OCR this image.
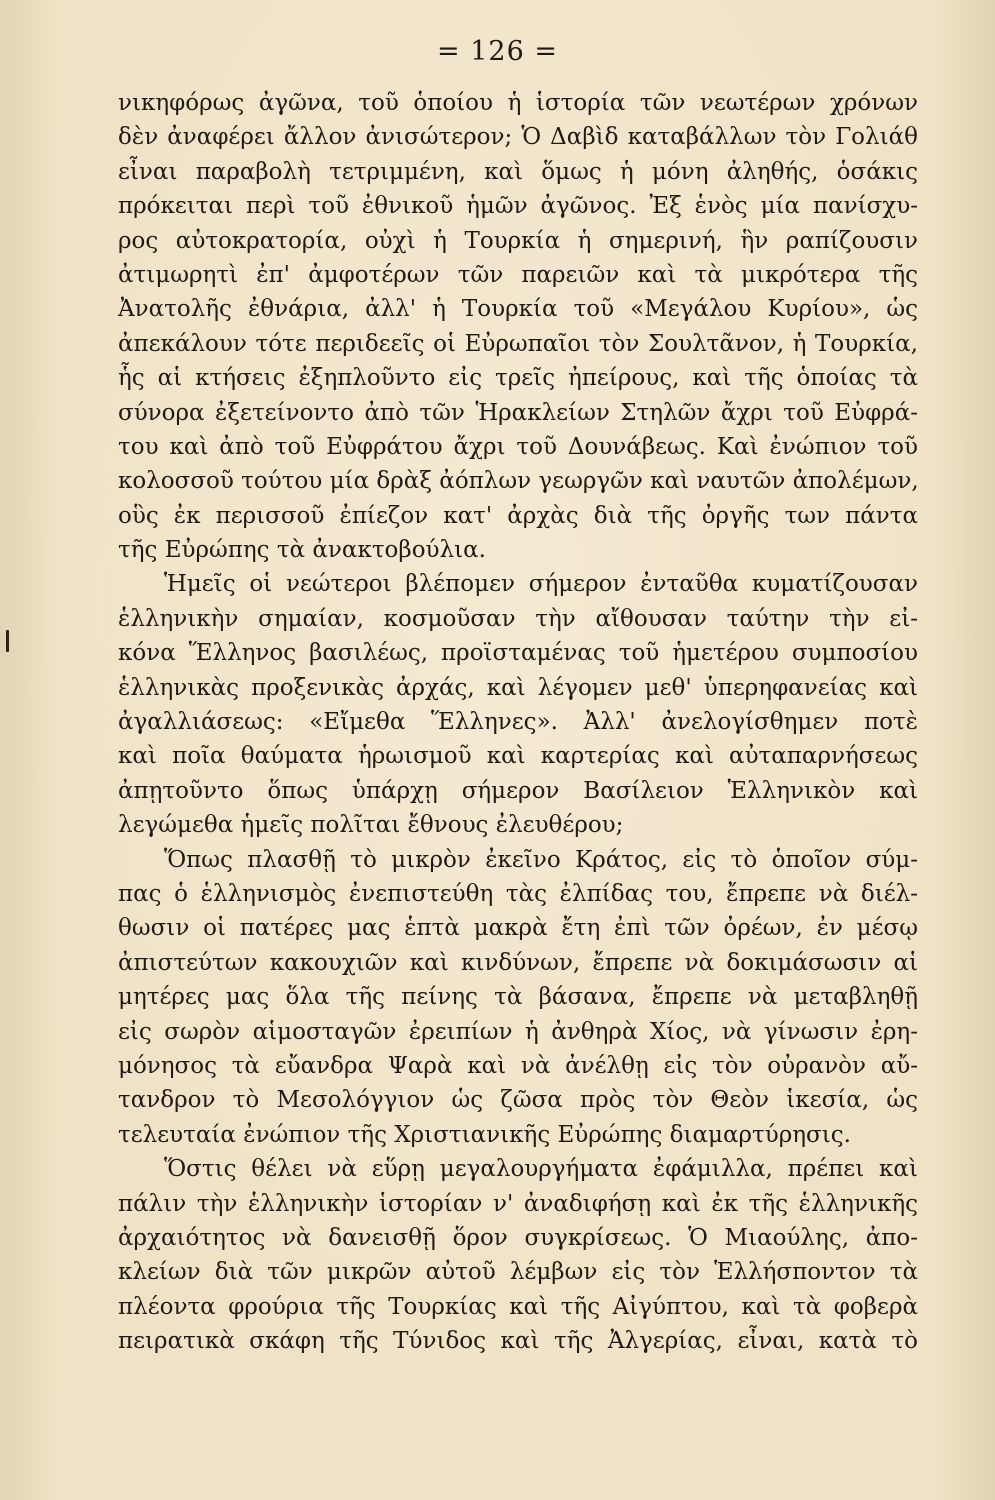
= 126 =
νικηφόρως ἀγῶνα, τοῦ ὁποίου ἡ ἱστορία τῶν νεωτέρων χρόνων
δὲν ἀναφέρει ἄλλον ἀνισώτερον; Ὁ Δαβὶδ καταβάλλων τὸν Γολιάθ
εἶναι παραβολὴ τετριμμένη, καὶ ὅμως ἡ μόνη ἀληθής, ὁσάκις
πρόκειται περὶ τοῦ ἐθνικοῦ ἡμῶν ἀγῶνος. Ἐξ ἑνὸς μία πανίσχυ-
ρος αὐτοκρατορία, οὐχὶ ἡ Τουρκία ἡ σημερινή, ἣν ραπίζουσιν
ἀτιμωρητὶ ἐπ' ἀμφοτέρων τῶν παρειῶν καὶ τὰ μικρότερα τῆς
Ἀνατολῆς ἐθνάρια, ἀλλ' ἡ Τουρκία τοῦ «Μεγάλου Κυρίου», ὡς
ἀπεκάλουν τότε περιδεεῖς οἱ Εὐρωπαῖοι τὸν Σουλτᾶνον, ἡ Τουρκία,
ἧς αἱ κτήσεις ἐξηπλοῦντο εἰς τρεῖς ἠπείρους, καὶ τῆς ὁποίας τὰ
σύνορα ἐξετείνοντο ἀπὸ τῶν Ἡρακλείων Στηλῶν ἄχρι τοῦ Εὐφρά-
του καὶ ἀπὸ τοῦ Εὐφράτου ἄχρι τοῦ Δουνάβεως. Καὶ ἐνώπιον τοῦ
κολοσσοῦ τούτου μία δρὰξ ἀόπλων γεωργῶν καὶ ναυτῶν ἀπολέμων,
οὓς ἐκ περισσοῦ ἐπίεζον κατ' ἀρχὰς διὰ τῆς ὀργῆς των πάντα
τῆς Εὐρώπης τὰ ἀνακτοβούλια.
Ἡμεῖς οἱ νεώτεροι βλέπομεν σήμερον ἐνταῦθα κυματίζουσαν
ἑλληνικὴν σημαίαν, κοσμοῦσαν τὴν αἴθουσαν ταύτην τὴν εἰ-
κόνα Ἕλληνος βασιλέως, προϊσταμένας τοῦ ἡμετέρου συμποσίου
ἑλληνικὰς προξενικὰς ἀρχάς, καὶ λέγομεν μεθ' ὑπερηφανείας καὶ
ἀγαλλιάσεως: «Εἴμεθα Ἕλληνες». Ἀλλ' ἀνελογίσθημεν ποτὲ
καὶ ποῖα θαύματα ἡρωισμοῦ καὶ καρτερίας καὶ αὐταπαρνήσεως
ἀπῃτοῦντο ὅπως ὑπάρχῃ σήμερον Βασίλειον Ἑλληνικὸν καὶ
λεγώμεθα ἡμεῖς πολῖται ἔθνους ἐλευθέρου;
Ὅπως πλασθῇ τὸ μικρὸν ἐκεῖνο Κράτος, εἰς τὸ ὁποῖον σύμ-
πας ὁ ἑλληνισμὸς ἐνεπιστεύθη τὰς ἐλπίδας του, ἔπρεπε νὰ διέλ-
θωσιν οἱ πατέρες μας ἑπτὰ μακρὰ ἔτη ἐπὶ τῶν ὀρέων, ἐν μέσῳ
ἀπιστεύτων κακουχιῶν καὶ κινδύνων, ἔπρεπε νὰ δοκιμάσωσιν αἱ
μητέρες μας ὅλα τῆς πείνης τὰ βάσανα, ἔπρεπε νὰ μεταβληθῇ
εἰς σωρὸν αἱμοσταγῶν ἐρειπίων ἡ ἀνθηρὰ Χίος, νὰ γίνωσιν ἐρη-
μόνησος τὰ εὔανδρα Ψαρὰ καὶ νὰ ἀνέλθῃ εἰς τὸν οὐρανὸν αὔ-
τανδρον τὸ Μεσολόγγιον ὡς ζῶσα πρὸς τὸν Θεὸν ἱκεσία, ὡς
τελευταία ἐνώπιον τῆς Χριστιανικῆς Εὐρώπης διαμαρτύρησις.
Ὅστις θέλει νὰ εὕρῃ μεγαλουργήματα ἐφάμιλλα, πρέπει καὶ
πάλιν τὴν ἑλληνικὴν ἱστορίαν ν' ἀναδιφήσῃ καὶ ἐκ τῆς ἑλληνικῆς
ἀρχαιότητος νὰ δανεισθῇ ὅρον συγκρίσεως. Ὁ Μιαούλης, ἀπο-
κλείων διὰ τῶν μικρῶν αὐτοῦ λέμβων εἰς τὸν Ἑλλήσποντον τὰ
πλέοντα φρούρια τῆς Τουρκίας καὶ τῆς Αἰγύπτου, καὶ τὰ φοβερὰ
πειρατικὰ σκάφη τῆς Τύνιδος καὶ τῆς Ἀλγερίας, εἶναι, κατὰ τὸ
